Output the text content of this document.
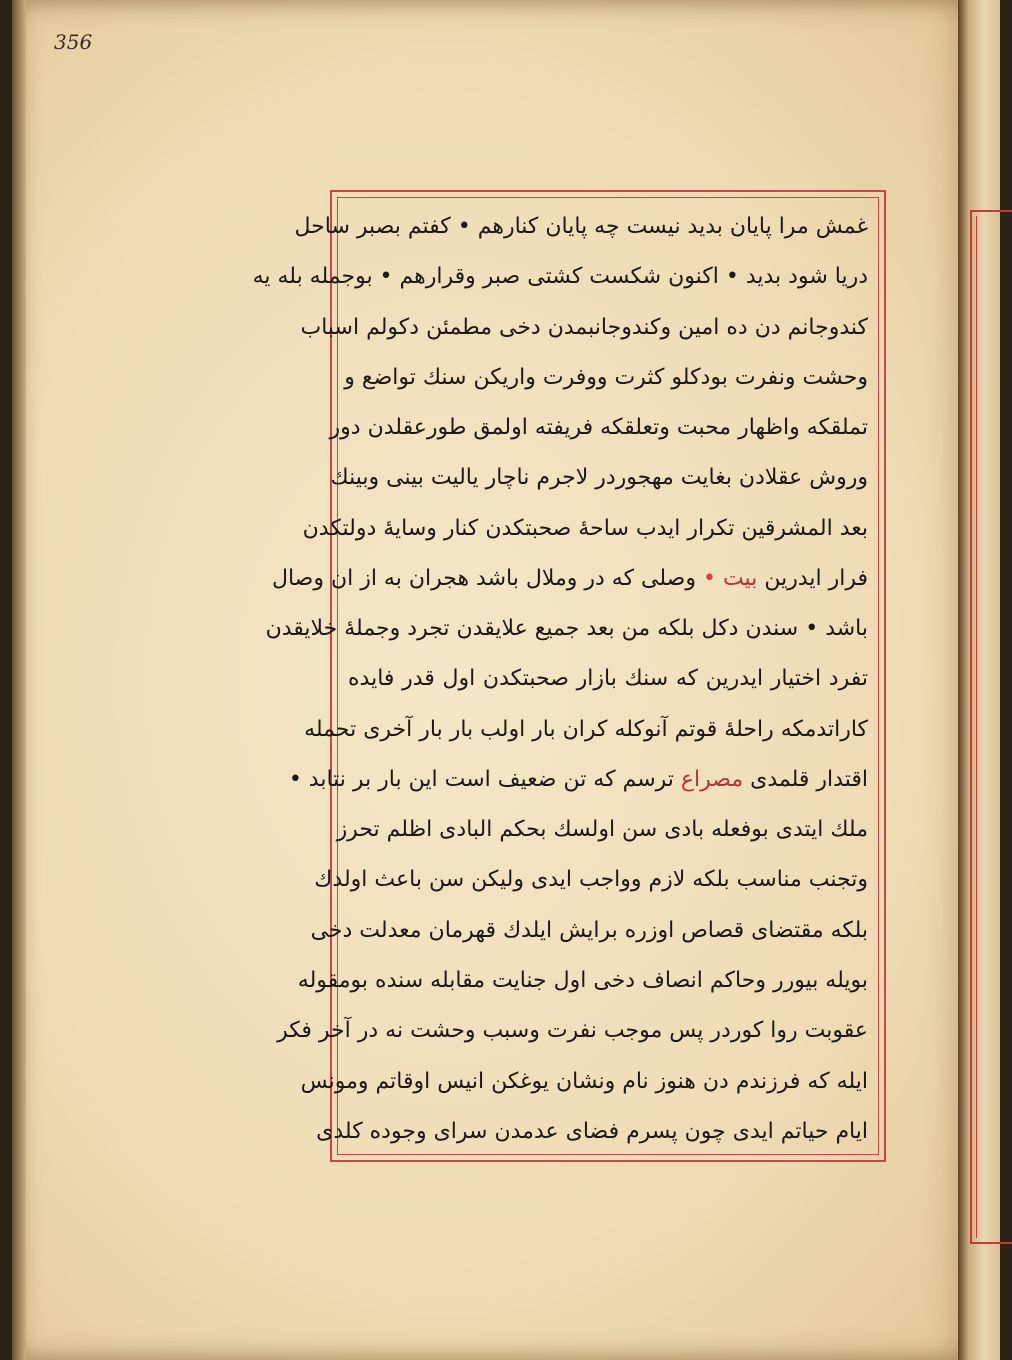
356
غمش مرا پايان بديد نيست چه پايان كنارهم • كفتم بصبر ساحل
دريا شود بديد • اكنون شكست كشتى صبر وقرارهم • بوجمله بله يه
كندوجانم دن ده امين وكندوجانبمدن دخى مطمئن دكولم اسباب
وحشت ونفرت بودكلو كثرت ووفرت واريكن سنك تواضع و
تملقكه واظهار محبت وتعلقكه فريفته اولمق طورعقلدن دور
وروش عقلادن بغايت مهجوردر لاجرم ناچار ياليت بينى وبينك
بعد المشرقين تكرار ايدب ساحهٔ صحبتكدن كنار وسايهٔ دولتكدن
فرار ايدرين بيت • وصلى كه در وملال باشد هجران به از ان وصال
باشد • سندن دكل بلكه من بعد جميع علايقدن تجرد وجملهٔ خلايقدن
تفرد اختيار ايدرين كه سنك بازار صحبتكدن اول قدر فايده
كاراتدمكه راحلهٔ قوتم آنوكله كران بار اولب بار بار آخرى تحمله
اقتدار قلمدى مصراع ترسم كه تن ضعيف است اين بار بر نتابد •
ملك ايتدى بوفعله بادى سن اولسك بحكم البادى اظلم تحرز
وتجنب مناسب بلكه لازم وواجب ايدى وليكن سن باعث اولدك
بلكه مقتضاى قصاص اوزره برايش ايلدك قهرمان معدلت دخى
بويله بيورر وحاكم انصاف دخى اول جنايت مقابله سنده بومقوله
عقوبت روا كوردر پس موجب نفرت وسبب وحشت نه در آخر فكر
ايله كه فرزندم دن هنوز نام ونشان يوغكن انيس اوقاتم ومونس
ايام حياتم ايدى چون پسرم فضاى عدمدن سراى وجوده كلدى
